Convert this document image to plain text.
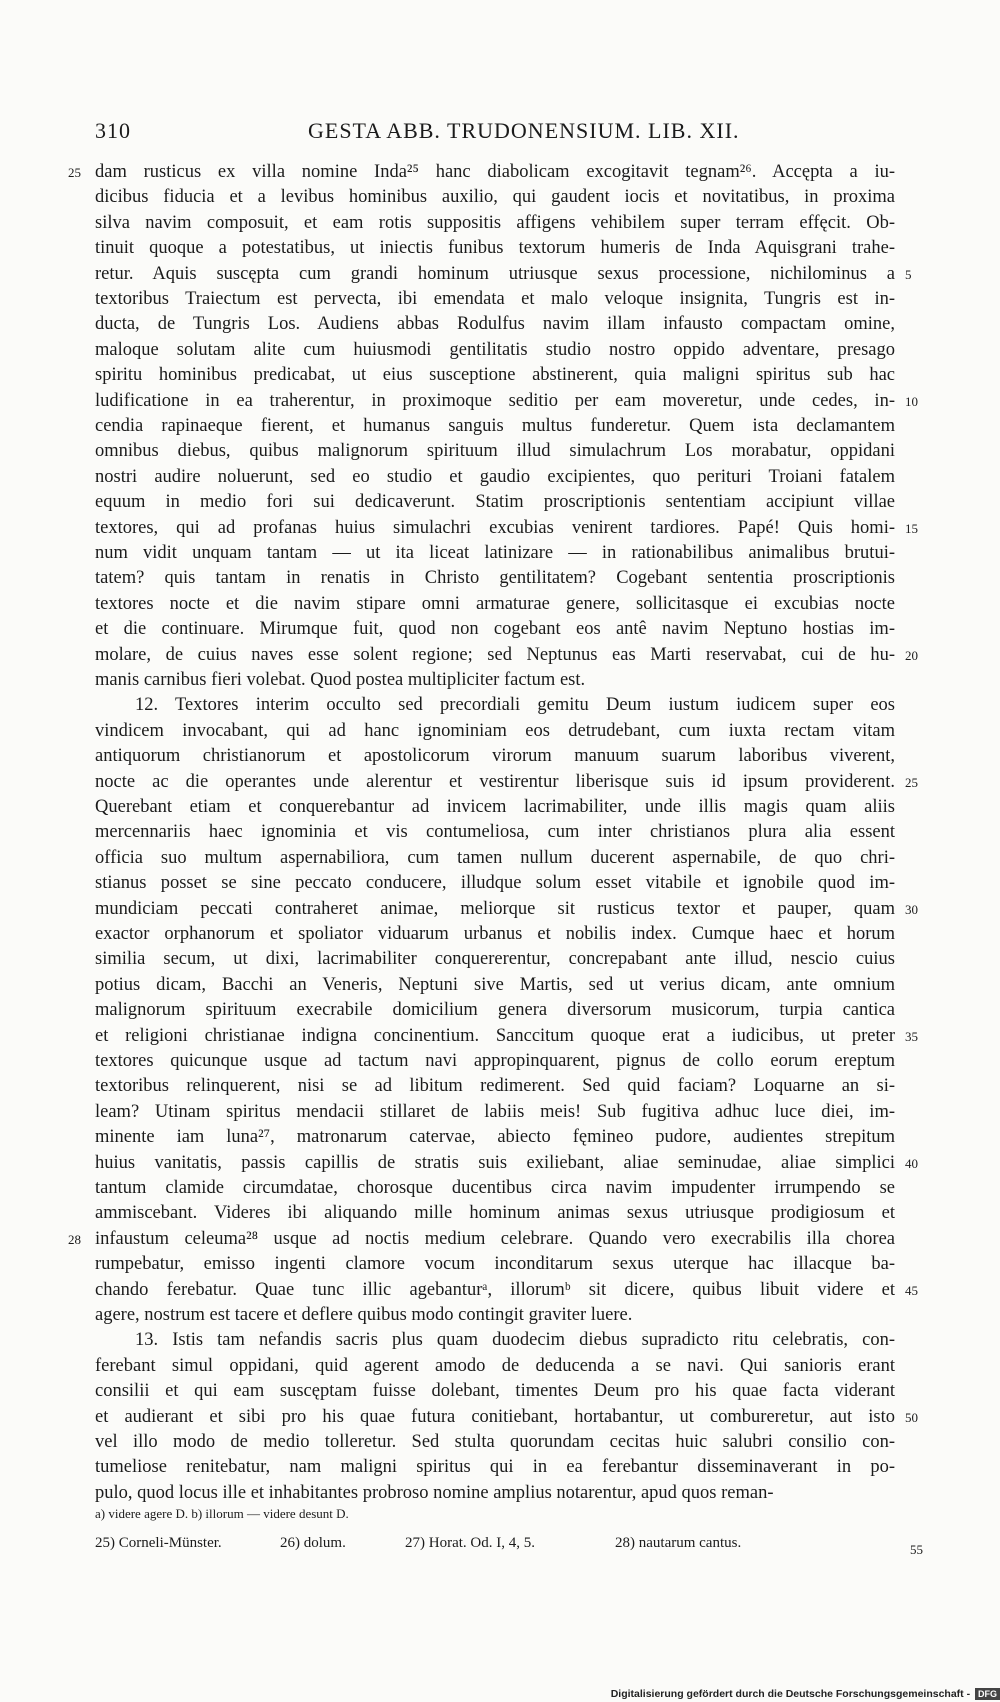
310	GESTA ABB. TRUDONENSIUM. LIB. XII.
dam rusticus ex villa nomine Inda²⁵ hanc diabolicam excogitavit tegnam²⁶. Accępta a iu-
dicibus fiducia et a levibus hominibus auxilio, qui gaudent iocis et novitatibus, in proxima
silva navim composuit, et eam rotis suppositis affigens vehibilem super terram effęcit. Ob-
tinuit quoque a potestatibus, ut iniectis funibus textorum humeris de Inda Aquisgrani trahe-
retur. Aquis suscępta cum grandi hominum utriusque sexus processione, nichilominus a
textoribus Traiectum est pervecta, ibi emendata et malo veloque insignita, Tungris est in-
ducta, de Tungris Los. Audiens abbas Rodulfus navim illam infausto compactam omine,
maloque solutam alite cum huiusmodi gentilitatis studio nostro oppido adventare, presago
spiritu hominibus predicabat, ut eius susceptione abstinerent, quia maligni spiritus sub hac
ludificatione in ea traherentur, in proximoque seditio per eam moveretur, unde cedes, in-
cendia rapinaeque fierent, et humanus sanguis multus funderetur. Quem ista declamantem
omnibus diebus, quibus malignorum spirituum illud simulachrum Los morabatur, oppidani
nostri audire noluerunt, sed eo studio et gaudio excipientes, quo perituri Troiani fatalem
equum in medio fori sui dedicaverunt. Statim proscriptionis sententiam accipiunt villae
textores, qui ad profanas huius simulachri excubias venirent tardiores. Papé! Quis homi-
num vidit unquam tantam — ut ita liceat latinizare — in rationabilibus animalibus brutui-
tatem? quis tantam in renatis in Christo gentilitatem? Cogebant sententia proscriptionis
textores nocte et die navim stipare omni armaturae genere, sollicitasque ei excubias nocte
et die continuare. Mirumque fuit, quod non cogebant eos antê navim Neptuno hostias im-
molare, de cuius naves esse solent regione; sed Neptunus eas Marti reservabat, cui de hu-
manis carnibus fieri volebat. Quod postea multipliciter factum est.
12. Textores interim occulto sed precordiali gemitu Deum iustum iudicem super eos
vindicem invocabant, qui ad hanc ignominiam eos detrudebant, cum iuxta rectam vitam
antiquorum christianorum et apostolicorum virorum manuum suarum laboribus viverent,
nocte ac die operantes unde alerentur et vestirentur liberisque suis id ipsum providerent.
Querebant etiam et conquerebantur ad invicem lacrimabiliter, unde illis magis quam aliis
mercennariis haec ignominia et vis contumeliosa, cum inter christianos plura alia essent
officia suo multum aspernabiliora, cum tamen nullum ducerent aspernabile, de quo chri-
stianus posset se sine peccato conducere, illudque solum esset vitabile et ignobile quod im-
mundiciam peccati contraheret animae, meliorque sit rusticus textor et pauper, quam
exactor orphanorum et spoliator viduarum urbanus et nobilis index. Cumque haec et horum
similia secum, ut dixi, lacrimabiliter conquererentur, concrepabant ante illud, nescio cuius
potius dicam, Bacchi an Veneris, Neptuni sive Martis, sed ut verius dicam, ante omnium
malignorum spirituum execrabile domicilium genera diversorum musicorum, turpia cantica
et religioni christianae indigna concinentium. Sanccitum quoque erat a iudicibus, ut preter
textores quicunque usque ad tactum navi appropinquarent, pignus de collo eorum ereptum
textoribus relinquerent, nisi se ad libitum redimerent. Sed quid faciam? Loquarne an si-
leam? Utinam spiritus mendacii stillaret de labiis meis! Sub fugitiva adhuc luce diei, im-
minente iam luna²⁷, matronarum catervae, abiecto fęmineo pudore, audientes strepitum
huius vanitatis, passis capillis de stratis suis exiliebant, aliae seminudae, aliae simplici
tantum clamide circumdatae, chorosque ducentibus circa navim impudenter irrumpendo se
ammiscebant. Videres ibi aliquando mille hominum animas sexus utriusque prodigiosum et
infaustum celeuma²⁸ usque ad noctis medium celebrare. Quando vero execrabilis illa chorea
rumpebatur, emisso ingenti clamore vocum inconditarum sexus uterque hac illacque ba-
chando ferebatur. Quae tunc illic agebanturᵃ, illorumᵇ sit dicere, quibus libuit videre et
agere, nostrum est tacere et deflere quibus modo contingit graviter luere.
13. Istis tam nefandis sacris plus quam duodecim diebus supradicto ritu celebratis, con-
ferebant simul oppidani, quid agerent amodo de deducenda a se navi. Qui sanioris erant
consilii et qui eam suscęptam fuisse dolebant, timentes Deum pro his quae facta viderant
et audierant et sibi pro his quae futura conitiebant, hortabantur, ut combureretur, aut isto
vel illo modo de medio tolleretur. Sed stulta quorundam cecitas huic salubri consilio con-
tumeliose renitebatur, nam maligni spiritus qui in ea ferebantur disseminaverant in po-
pulo, quod locus ille et inhabitantes probroso nomine amplius notarentur, apud quos reman-
25
28
5
10
15
20
25
30
35
40
45
50
a) videre agere D. b) illorum — videre desunt D.
25) Corneli-Münster.	26) dolum.	27) Horat. Od. I, 4, 5.	28) nautarum cantus.	55
Digitalisierung gefördert durch die Deutsche Forschungsgemeinschaft - DFG
